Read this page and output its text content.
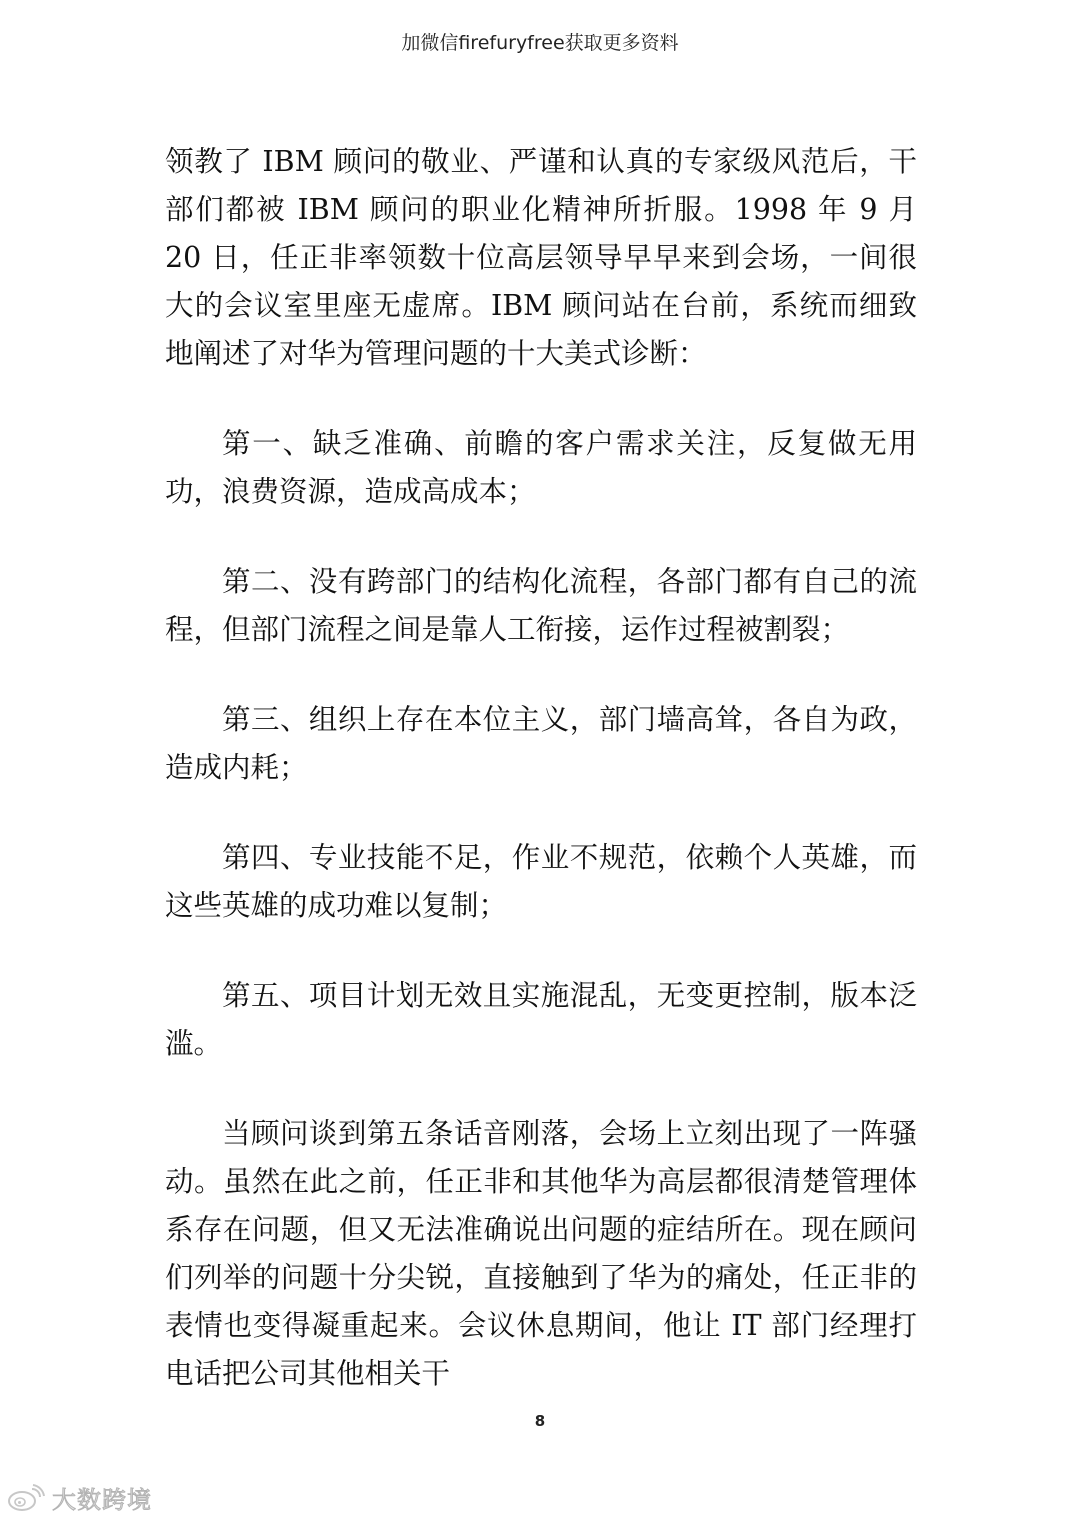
加微信firefuryfree获取更多资料

领教了 IBM 顾问的敬业、严谨和认真的专家级风范后，干部们都被 IBM 顾问的职业化精神所折服。1998 年 9 月 20 日，任正非率领数十位高层领导早早来到会场，一间很大的会议室里座无虚席。IBM 顾问站在台前，系统而细致地阐述了对华为管理问题的十大美式诊断：

第一、缺乏准确、前瞻的客户需求关注，反复做无用功，浪费资源，造成高成本；

第二、没有跨部门的结构化流程，各部门都有自己的流程，但部门流程之间是靠人工衔接，运作过程被割裂；

第三、组织上存在本位主义，部门墙高耸，各自为政，造成内耗；

第四、专业技能不足，作业不规范，依赖个人英雄，而这些英雄的成功难以复制；

第五、项目计划无效且实施混乱，无变更控制，版本泛滥。

当顾问谈到第五条话音刚落，会场上立刻出现了一阵骚动。虽然在此之前，任正非和其他华为高层都很清楚管理体系存在问题，但又无法准确说出问题的症结所在。现在顾问们列举的问题十分尖锐，直接触到了华为的痛处，任正非的表情也变得凝重起来。会议休息期间，他让 IT 部门经理打电话把公司其他相关干

8
大数跨境
